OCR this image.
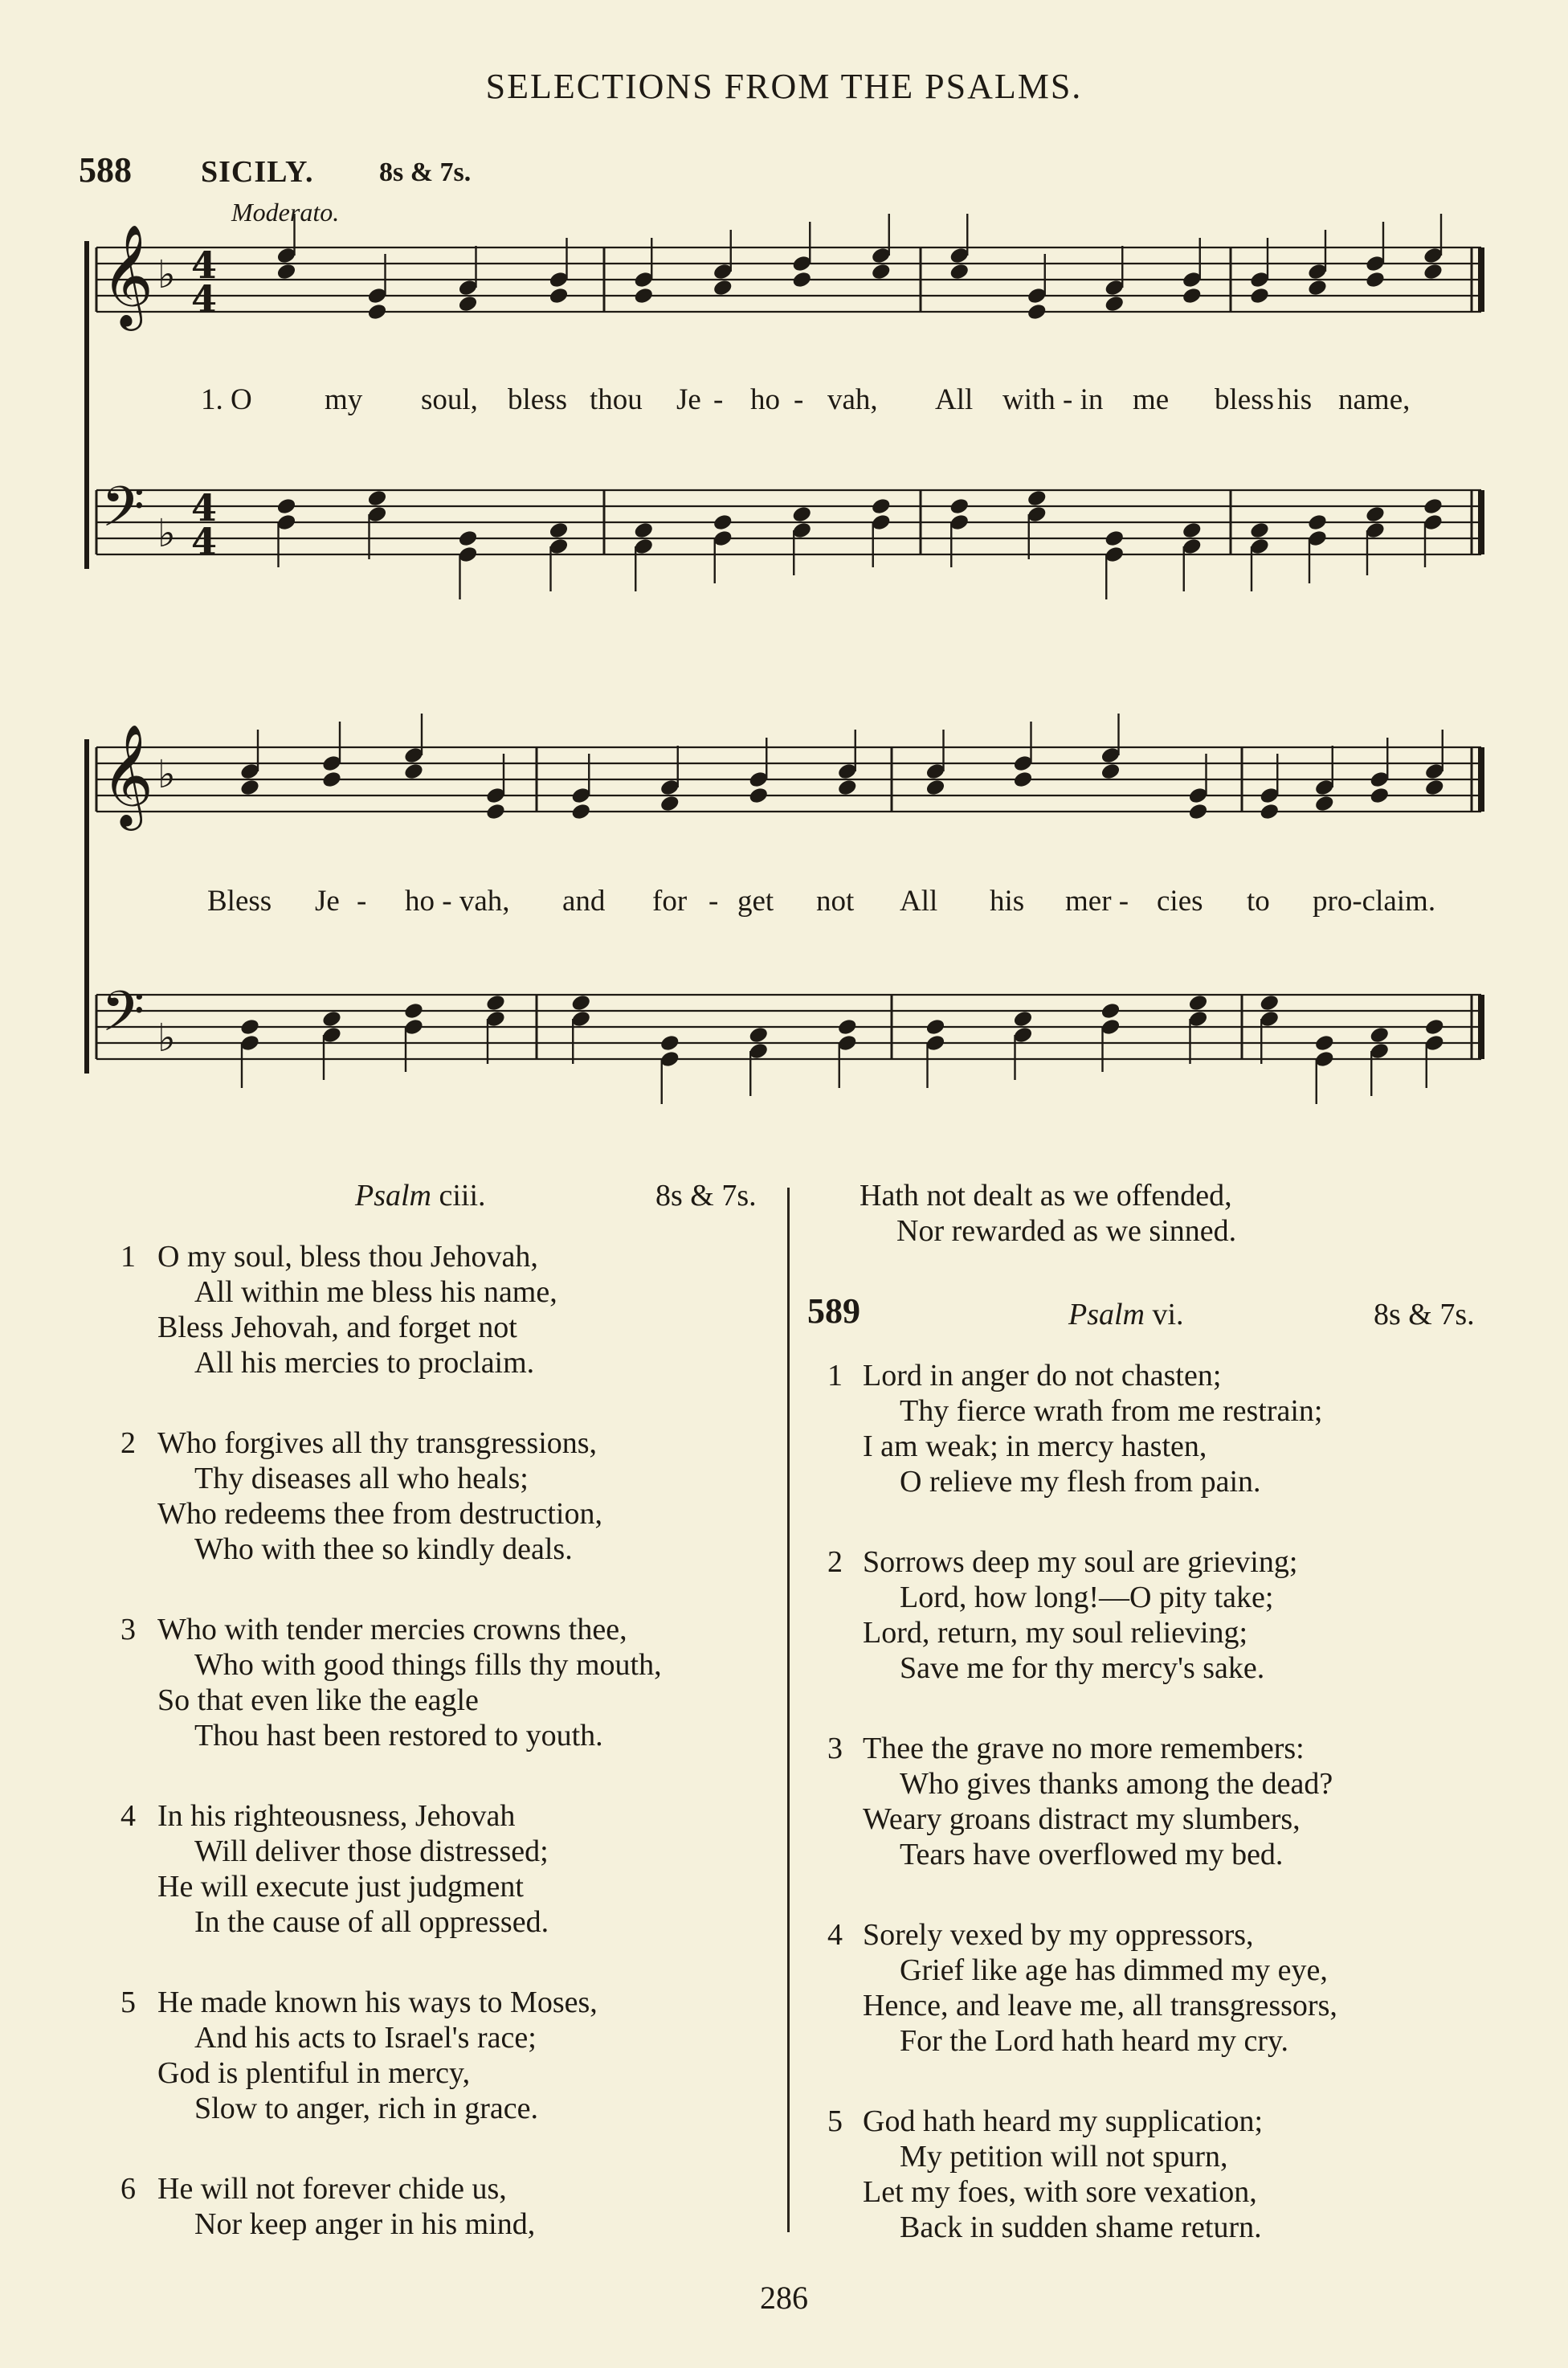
SELECTIONS FROM THE PSALMS.
588 SICILY. 8s & 7s.
Moderato.
𝄞 ♭ 4
4
𝄢 ♭
4
4
𝄞 ♭
𝄢 ♭
1. O my soul, bless thou Je - ho - vah, All with - in me bless his name,
Bless Je - ho - vah, and for - get not All his mer - cies to pro-claim.
Psalm ciii.	8s & 7s.
1 O my soul, bless thou Jehovah,
All within me bless his name,
Bless Jehovah, and forget not
All his mercies to proclaim.
2 Who forgives all thy transgressions,
Thy diseases all who heals;
Who redeems thee from destruction,
Who with thee so kindly deals.
3 Who with tender mercies crowns thee,
Who with good things fills thy mouth,
So that even like the eagle
Thou hast been restored to youth.
4 In his righteousness, Jehovah
Will deliver those distressed;
He will execute just judgment
In the cause of all oppressed.
5 He made known his ways to Moses,
And his acts to Israel's race;
God is plentiful in mercy,
Slow to anger, rich in grace.
6 He will not forever chide us,
Nor keep anger in his mind,
Hath not dealt as we offended,
Nor rewarded as we sinned.
589	Psalm vi.	8s & 7s.
1 Lord in anger do not chasten;
Thy fierce wrath from me restrain;
I am weak; in mercy hasten,
O relieve my flesh from pain.
2 Sorrows deep my soul are grieving;
Lord, how long!—O pity take;
Lord, return, my soul relieving;
Save me for thy mercy's sake.
3 Thee the grave no more remembers:
Who gives thanks among the dead?
Weary groans distract my slumbers,
Tears have overflowed my bed.
4 Sorely vexed by my oppressors,
Grief like age has dimmed my eye,
Hence, and leave me, all transgressors,
For the Lord hath heard my cry.
5 God hath heard my supplication;
My petition will not spurn,
Let my foes, with sore vexation,
Back in sudden shame return.
286
